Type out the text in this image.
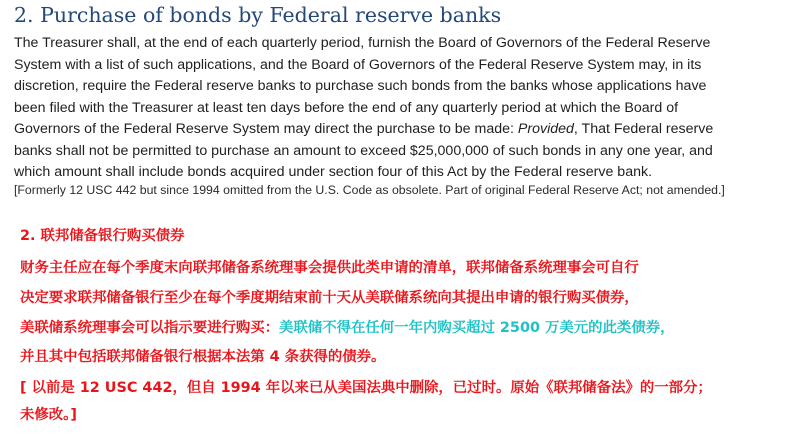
2. Purchase of bonds by Federal reserve banks

The Treasurer shall, at the end of each quarterly period, furnish the Board of Governors of the Federal Reserve
System with a list of such applications, and the Board of Governors of the Federal Reserve System may, in its
discretion, require the Federal reserve banks to purchase such bonds from the banks whose applications have
been filed with the Treasurer at least ten days before the end of any quarterly period at which the Board of
Governors of the Federal Reserve System may direct the purchase to be made: Provided, That Federal reserve
banks shall not be permitted to purchase an amount to exceed $25,000,000 of such bonds in any one year, and
which amount shall include bonds acquired under section four of this Act by the Federal reserve bank.

[Formerly 12 USC 442 but since 1994 omitted from the U.S. Code as obsolete. Part of original Federal Reserve Act; not amended.]

2. 联邦储备银行购买债券

财务主任应在每个季度末向联邦储备系统理事会提供此类申请的清单，联邦储备系统理事会可自行

决定要求联邦储备银行至少在每个季度期结束前十天从美联储系统向其提出申请的银行购买债券，

美联储系统理事会可以指示要进行购买：美联储不得在任何一年内购买超过 2500 万美元的此类债券，

并且其中包括联邦储备银行根据本法第 4 条获得的债券。

[ 以前是 12 USC 442，但自 1994 年以来已从美国法典中删除，已过时。原始《联邦储备法》的一部分；

未修改。]
